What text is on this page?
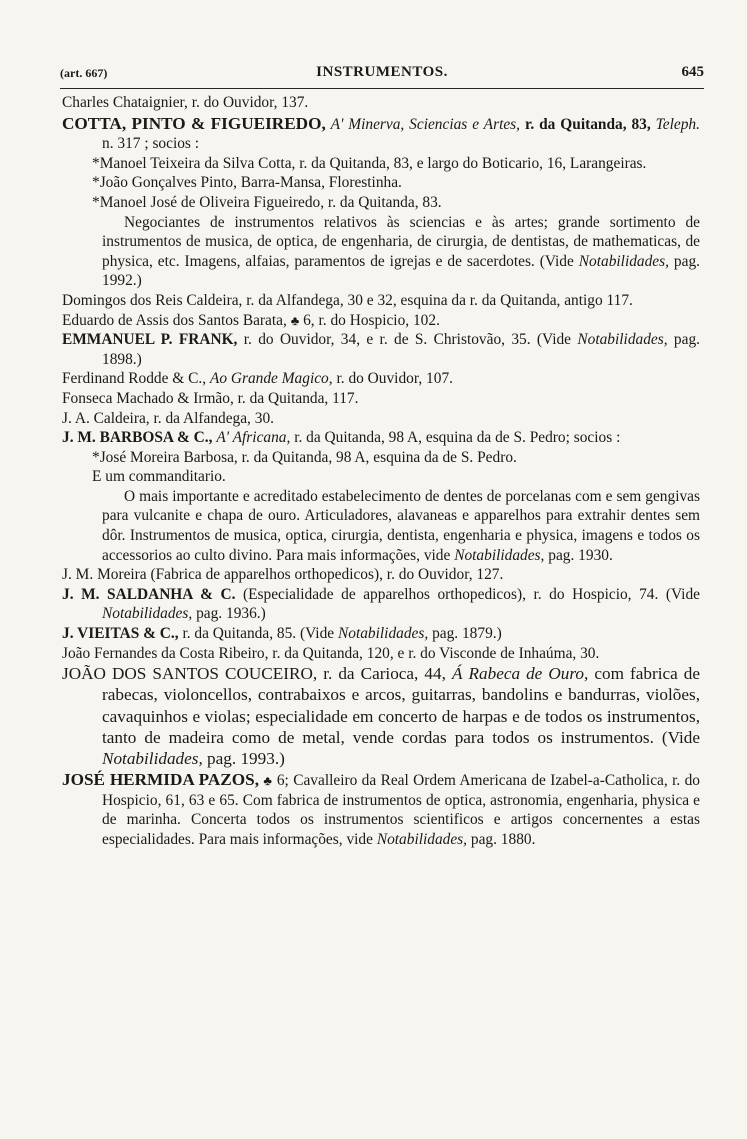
(art. 667)	INSTRUMENTOS.	645
Charles Chataignier, r. do Ouvidor, 137.
COTTA, PINTO & FIGUEIREDO, A' Minerva, Sciencias e Artes, r. da Quitanda, 83, Teleph. n. 317 ; socios :
*Manoel Teixeira da Silva Cotta, r. da Quitanda, 83, e largo do Boticario, 16, Larangeiras.
*João Gonçalves Pinto, Barra-Mansa, Florestinha.
*Manoel José de Oliveira Figueiredo, r. da Quitanda, 83.
Negociantes de instrumentos relativos às sciencias e às artes; grande sortimento de instrumentos de musica, de optica, de engenharia, de cirurgia, de dentistas, de mathematicas, de physica, etc. Imagens, alfaias, paramentos de igrejas e de sacerdotes. (Vide Notabilidades, pag. 1992.)
Domingos dos Reis Caldeira, r. da Alfandega, 30 e 32, esquina da r. da Quitanda, antigo 117.
Eduardo de Assis dos Santos Barata, ♣ 6, r. do Hospicio, 102.
EMMANUEL P. FRANK, r. do Ouvidor, 34, e r. de S. Christovão, 35. (Vide Notabilidades, pag. 1898.)
Ferdinand Rodde & C., Ao Grande Magico, r. do Ouvidor, 107.
Fonseca Machado & Irmão, r. da Quitanda, 117.
J. A. Caldeira, r. da Alfandega, 30.
J. M. BARBOSA & C., A' Africana, r. da Quitanda, 98 A, esquina da de S. Pedro; socios :
*José Moreira Barbosa, r. da Quitanda, 98 A, esquina da de S. Pedro.
E um commanditario.
O mais importante e acreditado estabelecimento de dentes de porcelanas com e sem gengivas para vulcanite e chapa de ouro. Articuladores, alavaneas e apparelhos para extrahir dentes sem dôr. Instrumentos de musica, optica, cirurgia, dentista, engenharia e physica, imagens e todos os accessorios ao culto divino. Para mais informações, vide Notabilidades, pag. 1930.
J. M. Moreira (Fabrica de apparelhos orthopedicos), r. do Ouvidor, 127.
J. M. SALDANHA & C. (Especialidade de apparelhos orthopedicos), r. do Hospicio, 74. (Vide Notabilidades, pag. 1936.)
J. VIEITAS & C., r. da Quitanda, 85. (Vide Notabilidades, pag. 1879.)
João Fernandes da Costa Ribeiro, r. da Quitanda, 120, e r. do Visconde de Inhaúma, 30.
JOÃO DOS SANTOS COUCEIRO, r. da Carioca, 44, Á Rabeca de Ouro, com fabrica de rabecas, violoncellos, contrabaixos e arcos, guitarras, bandolins e bandurras, violões, cavaquinhos e violas; especialidade em concerto de harpas e de todos os instrumentos, tanto de madeira como de metal, vende cordas para todos os instrumentos. (Vide Notabilidades, pag. 1993.)
JOSÉ HERMIDA PAZOS, ♣ 6; Cavalleiro da Real Ordem Americana de Izabel-a-Catholica, r. do Hospicio, 61, 63 e 65. Com fabrica de instrumentos de optica, astronomia, engenharia, physica e de marinha. Concerta todos os instrumentos scientificos e artigos concernentes a estas especialidades. Para mais informações, vide Notabilidades, pag. 1880.
